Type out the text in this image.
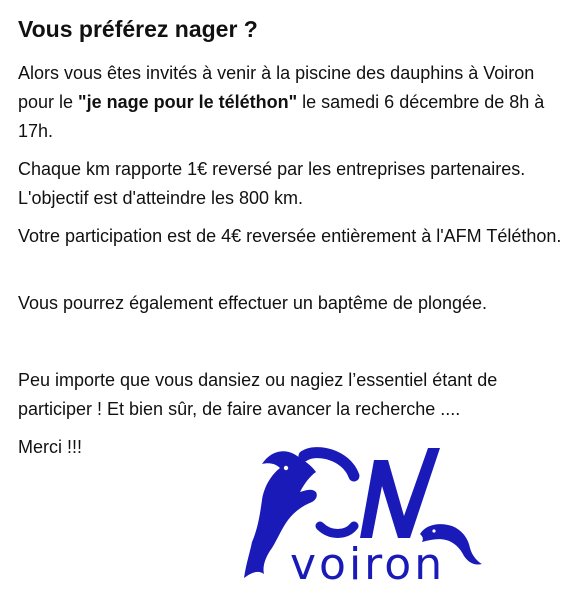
Vous préférez nager ?

Alors vous êtes invités à venir à la piscine des dauphins à Voiron pour le "je nage pour le téléthon" le samedi 6 décembre de 8h à 17h.

Chaque km rapporte 1€ reversé par les entreprises partenaires. L'objectif est d'atteindre les 800 km.

Votre participation est de 4€ reversée entièrement à l'AFM Téléthon.

Vous pourrez également effectuer un baptême de plongée.

Peu importe que vous dansiez ou nagiez l’essentiel étant de participer ! Et bien sûr, de faire avancer la recherche ....

Merci !!!

voiron
